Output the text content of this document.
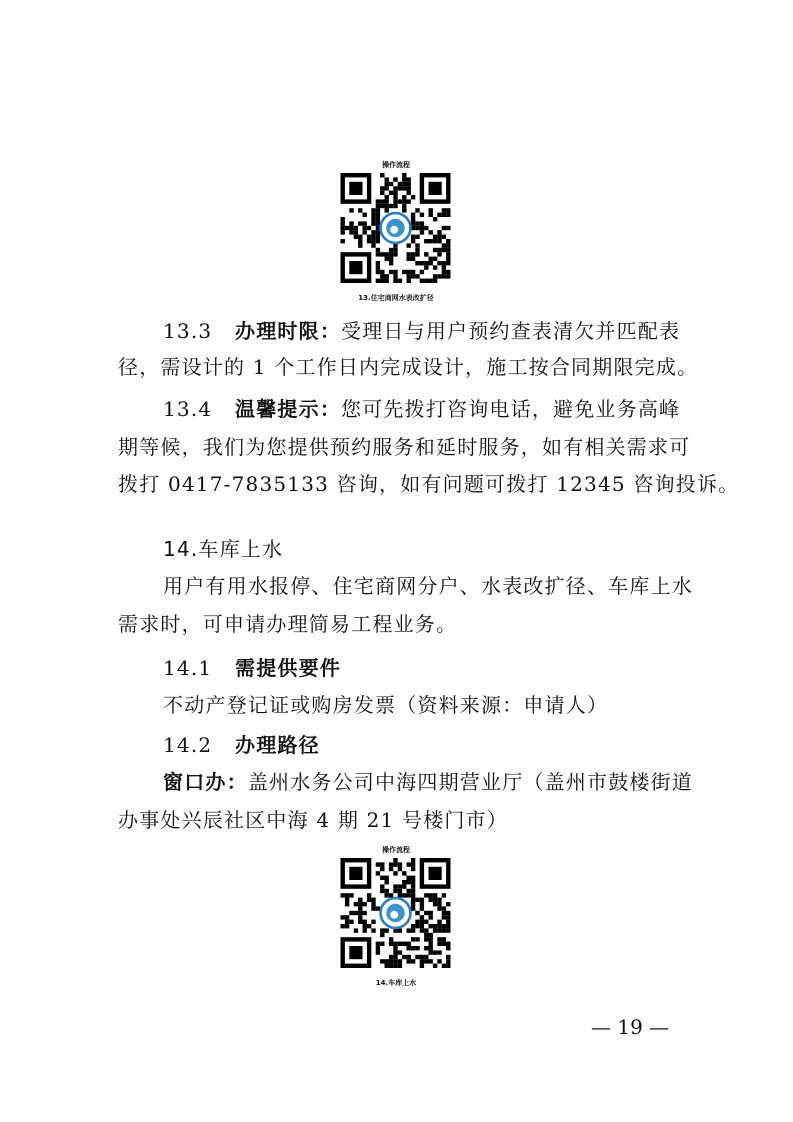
操作流程
13.住宅商网水表改扩径
13.3 办理时限：受理日与用户预约查表清欠并匹配表
径，需设计的 1 个工作日内完成设计，施工按合同期限完成。
13.4 温馨提示：您可先拨打咨询电话，避免业务高峰
期等候，我们为您提供预约服务和延时服务，如有相关需求可
拨打 0417-7835133 咨询，如有问题可拨打 12345 咨询投诉。
14.车库上水
用户有用水报停、住宅商网分户、水表改扩径、车库上水
需求时，可申请办理简易工程业务。
14.1 需提供要件
不动产登记证或购房发票（资料来源：申请人）
14.2 办理路径
窗口办：盖州水务公司中海四期营业厅（盖州市鼓楼街道
办事处兴辰社区中海 4 期 21 号楼门市）
操作流程
14.车库上水
— 19 —
